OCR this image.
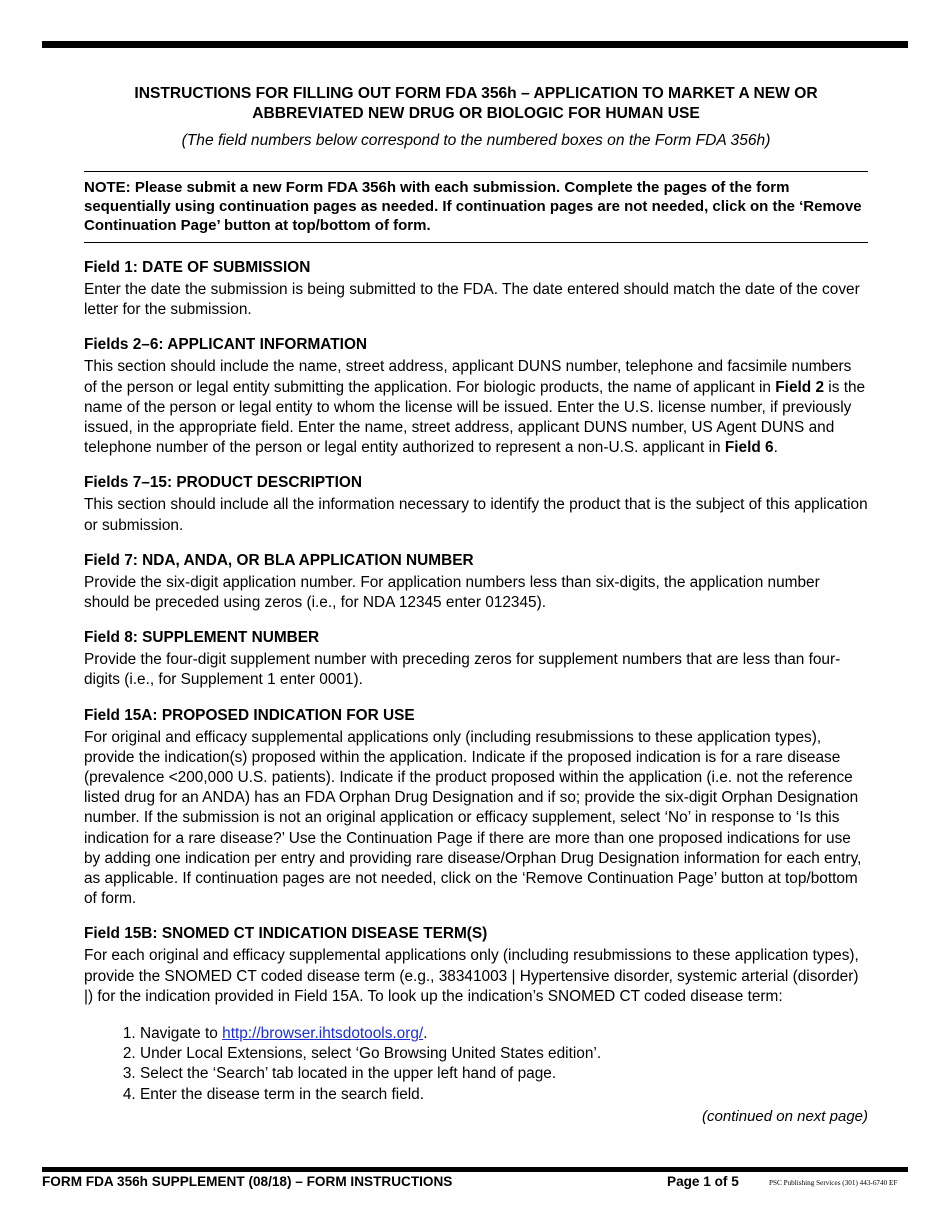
INSTRUCTIONS FOR FILLING OUT FORM FDA 356h – APPLICATION TO MARKET A NEW OR
ABBREVIATED NEW DRUG OR BIOLOGIC FOR HUMAN USE

(The field numbers below correspond to the numbered boxes on the Form FDA 356h)

NOTE: Please submit a new Form FDA 356h with each submission. Complete the pages of the form sequentially using continuation pages as needed. If continuation pages are not needed, click on the ‘Remove Continuation Page’ button at top/bottom of form.
Field 1: DATE OF SUBMISSION

Enter the date the submission is being submitted to the FDA. The date entered should match the date of the cover letter for the submission.

Fields 2–6: APPLICANT INFORMATION

This section should include the name, street address, applicant DUNS number, telephone and facsimile numbers of the person or legal entity submitting the application. For biologic products, the name of applicant in Field 2 is the name of the person or legal entity to whom the license will be issued. Enter the U.S. license number, if previously issued, in the appropriate field. Enter the name, street address, applicant DUNS number, US Agent DUNS and telephone number of the person or legal entity authorized to represent a non-U.S. applicant in Field 6.

Fields 7–15: PRODUCT DESCRIPTION

This section should include all the information necessary to identify the product that is the subject of this application or submission.

Field 7: NDA, ANDA, OR BLA APPLICATION NUMBER

Provide the six-digit application number. For application numbers less than six-digits, the application number should be preceded using zeros (i.e., for NDA 12345 enter 012345).

Field 8: SUPPLEMENT NUMBER

Provide the four-digit supplement number with preceding zeros for supplement numbers that are less than four-digits (i.e., for Supplement 1 enter 0001).

Field 15A: PROPOSED INDICATION FOR USE

For original and efficacy supplemental applications only (including resubmissions to these application types), provide the indication(s) proposed within the application. Indicate if the proposed indication is for a rare disease (prevalence <200,000 U.S. patients). Indicate if the product proposed within the application (i.e. not the reference listed drug for an ANDA) has an FDA Orphan Drug Designation and if so; provide the six-digit Orphan Designation number. If the submission is not an original application or efficacy supplement, select ‘No’ in response to ‘Is this indication for a rare disease?’ Use the Continuation Page if there are more than one proposed indications for use by adding one indication per entry and providing rare disease/Orphan Drug Designation information for each entry, as applicable. If continuation pages are not needed, click on the ‘Remove Continuation Page’ button at top/bottom of form.

Field 15B: SNOMED CT INDICATION DISEASE TERM(S)

For each original and efficacy supplemental applications only (including resubmissions to these application types), provide the SNOMED CT coded disease term (e.g., 38341003 | Hypertensive disorder, systemic arterial (disorder) |) for the indication provided in Field 15A. To look up the indication’s SNOMED CT coded disease term:

1. Navigate to http://browser.ihtsdotools.org/.
2. Under Local Extensions, select ‘Go Browsing United States edition’.
3. Select the ‘Search’ tab located in the upper left hand of page.
4. Enter the disease term in the search field.
(continued on next page)
FORM FDA 356h SUPPLEMENT (08/18) – FORM INSTRUCTIONS	Page 1 of 5	PSC Publishing Services (301) 443-6740 EF
